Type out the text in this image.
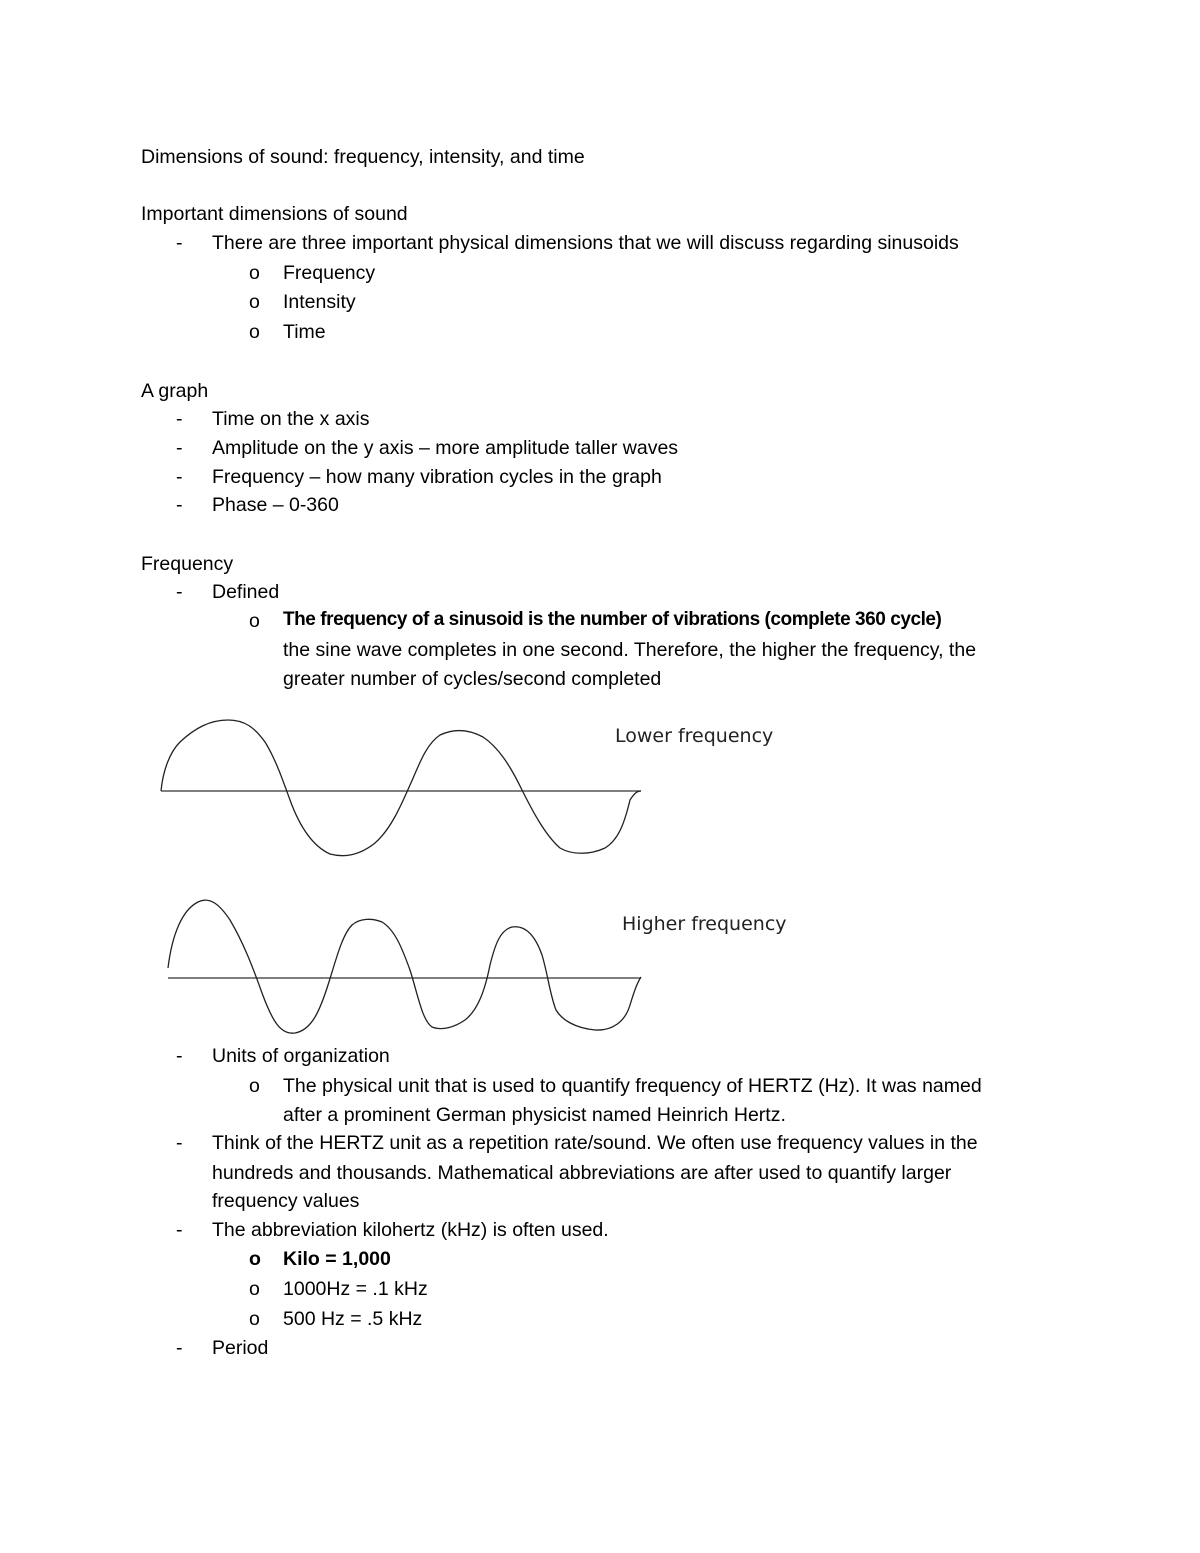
Dimensions of sound: frequency, intensity, and time
Important dimensions of sound
- There are three important physical dimensions that we will discuss regarding sinusoids
o Frequency
o Intensity
o Time
A graph
- Time on the x axis
- Amplitude on the y axis – more amplitude taller waves
- Frequency – how many vibration cycles in the graph
- Phase – 0-360
Frequency
- Defined
o The frequency of a sinusoid is the number of vibrations (complete 360 cycle)
the sine wave completes in one second. Therefore, the higher the frequency, the
greater number of cycles/second completed
Lower frequency
Higher frequency
- Units of organization
o The physical unit that is used to quantify frequency of HERTZ (Hz). It was named
after a prominent German physicist named Heinrich Hertz.
- Think of the HERTZ unit as a repetition rate/sound. We often use frequency values in the
hundreds and thousands. Mathematical abbreviations are after used to quantify larger
frequency values
- The abbreviation kilohertz (kHz) is often used.
o Kilo = 1,000
o 1000Hz = .1 kHz
o 500 Hz = .5 kHz
- Period
